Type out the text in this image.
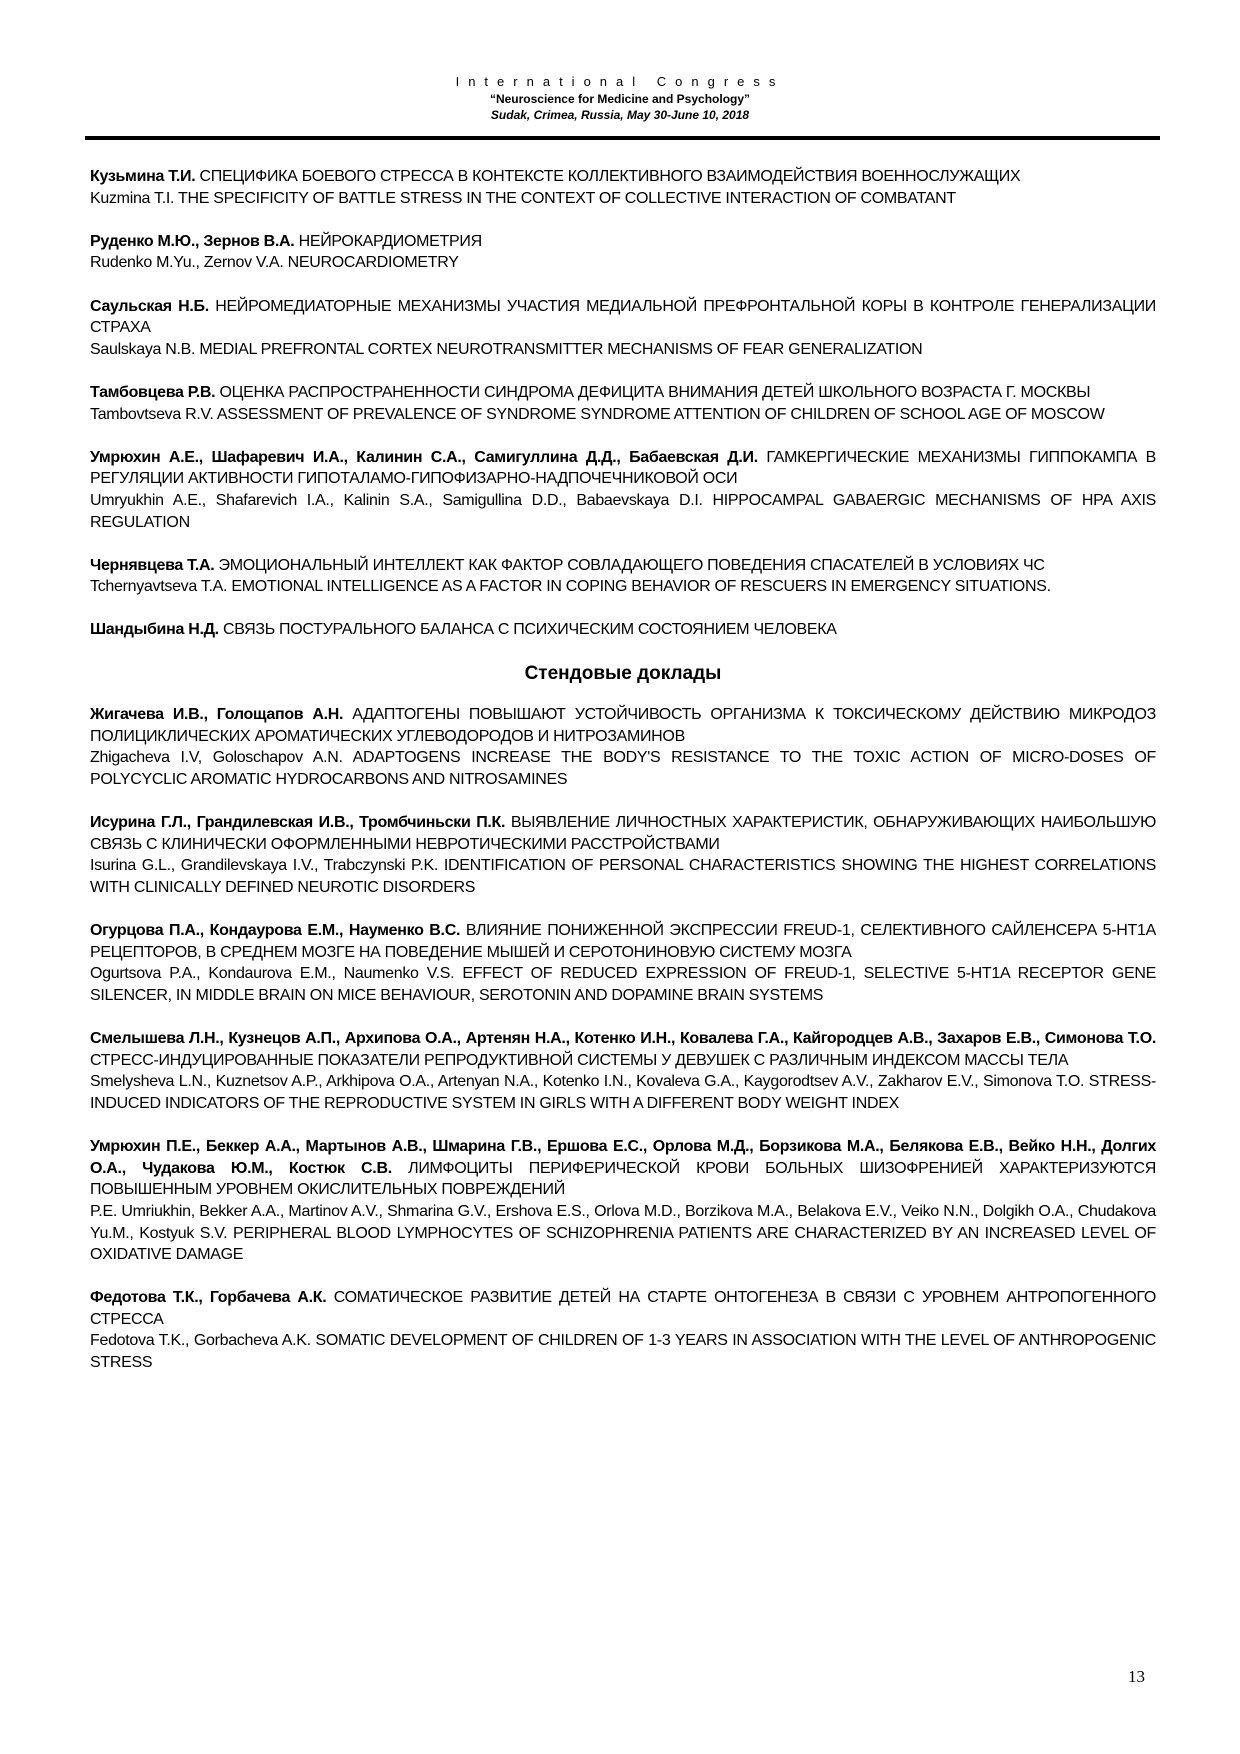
International Congress
“Neuroscience for Medicine and Psychology”
Sudak, Crimea, Russia, May 30-June 10, 2018

Кузьмина Т.И. СПЕЦИФИКА БОЕВОГО СТРЕССА В КОНТЕКСТЕ КОЛЛЕКТИВНОГО ВЗАИМОДЕЙСТВИЯ ВОЕННОСЛУЖАЩИХ

Kuzmina T.I. THE SPECIFICITY OF BATTLE STRESS IN THE CONTEXT OF COLLECTIVE INTERACTION OF COMBATANT

Руденко М.Ю., Зернов В.А. НЕЙРОКАРДИОМЕТРИЯ

Rudenko M.Yu., Zernov V.A. NEUROCARDIOMETRY

Саульская Н.Б. НЕЙРОМЕДИАТОРНЫЕ МЕХАНИЗМЫ УЧАСТИЯ МЕДИАЛЬНОЙ ПРЕФРОНТАЛЬНОЙ КОРЫ В КОНТРОЛЕ ГЕНЕРАЛИЗАЦИИ СТРАХА

Saulskaya N.B. MEDIAL PREFRONTAL CORTEX NEUROTRANSMITTER MECHANISMS OF FEAR GENERALIZATION

Тамбовцева Р.В. ОЦЕНКА РАСПРОСТРАНЕННОСТИ СИНДРОМА ДЕФИЦИТА ВНИМАНИЯ ДЕТЕЙ ШКОЛЬНОГО ВОЗРАСТА Г. МОСКВЫ

Tambovtseva R.V. ASSESSMENT OF PREVALENCE OF SYNDROME SYNDROME ATTENTION OF CHILDREN OF SCHOOL AGE OF MOSCOW

Умрюхин А.Е., Шафаревич И.А., Калинин С.А., Самигуллина Д.Д., Бабаевская Д.И. ГАМКЕРГИЧЕСКИЕ МЕХАНИЗМЫ ГИППОКАМПА В РЕГУЛЯЦИИ АКТИВНОСТИ ГИПОТАЛАМО-ГИПОФИЗАРНО-НАДПОЧЕЧНИКОВОЙ ОСИ

Umryukhin A.E., Shafarevich I.A., Kalinin S.A., Samigullina D.D., Babaevskaya D.I. HIPPOCAMPAL GABAERGIC MECHANISMS OF HPA AXIS REGULATION

Чернявцева Т.А. ЭМОЦИОНАЛЬНЫЙ ИНТЕЛЛЕКТ КАК ФАКТОР СОВЛАДАЮЩЕГО ПОВЕДЕНИЯ СПАСАТЕЛЕЙ В УСЛОВИЯХ ЧС

Tchernyavtseva T.A. EMOTIONAL INTELLIGENCE AS A FACTOR IN COPING BEHAVIOR OF RESCUERS IN EMERGENCY SITUATIONS.

Шандыбина Н.Д. СВЯЗЬ ПОСТУРАЛЬНОГО БАЛАНСА С ПСИХИЧЕСКИМ СОСТОЯНИЕМ ЧЕЛОВЕКА

Стендовые доклады

Жигачева И.В., Голощапов А.Н. АДАПТОГЕНЫ ПОВЫШАЮТ УСТОЙЧИВОСТЬ ОРГАНИЗМА К ТОКСИЧЕСКОМУ ДЕЙСТВИЮ МИКРОДОЗ ПОЛИЦИКЛИЧЕСКИХ АРОМАТИЧЕСКИХ УГЛЕВОДОРОДОВ И НИТРОЗАМИНОВ

Zhigacheva I.V, Goloschapov A.N. ADAPTOGENS INCREASE THE BODY'S RESISTANCE TO THE TOXIC ACTION OF MICRO-DOSES OF POLYCYCLIC AROMATIC HYDROCARBONS AND NITROSAMINES

Исурина Г.Л., Грандилевская И.В., Тромбчиньски П.К. ВЫЯВЛЕНИЕ ЛИЧНОСТНЫХ ХАРАКТЕРИСТИК, ОБНАРУЖИВАЮЩИХ НАИБОЛЬШУЮ СВЯЗЬ С КЛИНИЧЕСКИ ОФОРМЛЕННЫМИ НЕВРОТИЧЕСКИМИ РАССТРОЙСТВАМИ

Isurina G.L., Grandilevskaya I.V., Trabczynski P.K. IDENTIFICATION OF PERSONAL CHARACTERISTICS SHOWING THE HIGHEST CORRELATIONS WITH CLINICALLY DEFINED NEUROTIC DISORDERS

Огурцова П.А., Кондаурова Е.М., Науменко В.С. ВЛИЯНИЕ ПОНИЖЕННОЙ ЭКСПРЕССИИ FREUD-1, СЕЛЕКТИВНОГО САЙЛЕНСЕРА 5-HT1A РЕЦЕПТОРОВ, В СРЕДНЕМ МОЗГЕ НА ПОВЕДЕНИЕ МЫШЕЙ И СЕРОТОНИНОВУЮ СИСТЕМУ МОЗГА

Ogurtsova P.A., Kondaurova E.M., Naumenko V.S. EFFECT OF REDUCED EXPRESSION OF FREUD-1, SELECTIVE 5-HT1A RECEPTOR GENE SILENCER, IN MIDDLE BRAIN ON MICE BEHAVIOUR, SEROTONIN AND DOPAMINE BRAIN SYSTEMS

Смелышева Л.Н., Кузнецов А.П., Архипова О.А., Артенян Н.А., Котенко И.Н., Ковалева Г.А., Кайгородцев А.В., Захаров Е.В., Симонова Т.О. СТРЕСС-ИНДУЦИРОВАННЫЕ ПОКАЗАТЕЛИ РЕПРОДУКТИВНОЙ СИСТЕМЫ У ДЕВУШЕК С РАЗЛИЧНЫМ ИНДЕКСОМ МАССЫ ТЕЛА

Smelysheva L.N., Kuznetsov A.P., Arkhipova O.A., Artenyan N.A., Kotenko I.N., Kovaleva G.A., Kaygorodtsev A.V., Zakharov E.V., Simonova T.O. STRESS-INDUCED INDICATORS OF THE REPRODUCTIVE SYSTEM IN GIRLS WITH A DIFFERENT BODY WEIGHT INDEX

Умрюхин П.Е., Беккер А.А., Мартынов А.В., Шмарина Г.В., Ершова Е.С., Орлова М.Д., Борзикова М.А., Белякова Е.В., Вейко Н.Н., Долгих О.А., Чудакова Ю.М., Костюк С.В. ЛИМФОЦИТЫ ПЕРИФЕРИЧЕСКОЙ КРОВИ БОЛЬНЫХ ШИЗОФРЕНИЕЙ ХАРАКТЕРИЗУЮТСЯ ПОВЫШЕННЫМ УРОВНЕМ ОКИСЛИТЕЛЬНЫХ ПОВРЕЖДЕНИЙ

P.E. Umriukhin, Bekker A.A., Martinov A.V., Shmarina G.V., Ershova E.S., Orlova M.D., Borzikova M.A., Belakova E.V., Veiko N.N., Dolgikh O.A., Chudakova Yu.M., Kostyuk S.V. PERIPHERAL BLOOD LYMPHOCYTES OF SCHIZOPHRENIA PATIENTS ARE CHARACTERIZED BY AN INCREASED LEVEL OF OXIDATIVE DAMAGE

Федотова Т.К., Горбачева А.К. СОМАТИЧЕСКОЕ РАЗВИТИЕ ДЕТЕЙ НА СТАРТЕ ОНТОГЕНЕЗА В СВЯЗИ С УРОВНЕМ АНТРОПОГЕННОГО СТРЕССА

Fedotova T.K., Gorbacheva A.K. SOMATIC DEVELOPMENT OF CHILDREN OF 1-3 YEARS IN ASSOCIATION WITH THE LEVEL OF ANTHROPOGENIC STRESS

13
